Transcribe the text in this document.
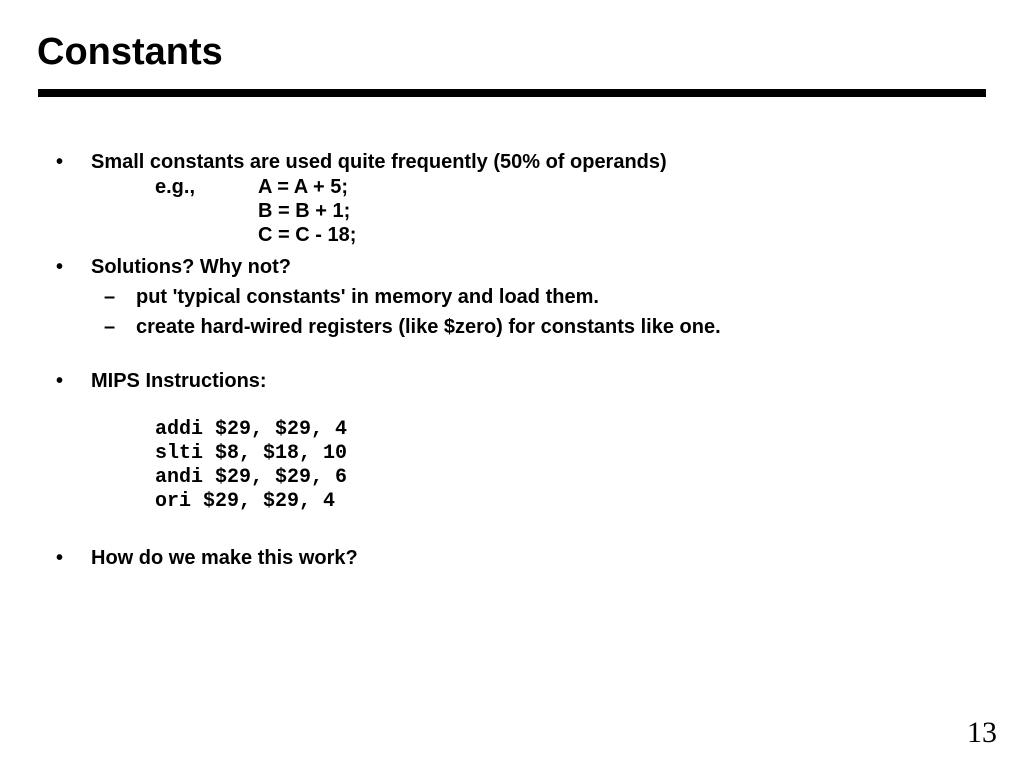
Constants
• Small constants are used quite frequently (50% of operands)
e.g.,	A = A + 5;
B = B + 1;
C = C - 18;
• Solutions? Why not?
– put 'typical constants' in memory and load them.
– create hard-wired registers (like $zero) for constants like one.
• MIPS Instructions:
addi $29, $29, 4
slti $8, $18, 10
andi $29, $29, 6
ori $29, $29, 4
• How do we make this work?
13
